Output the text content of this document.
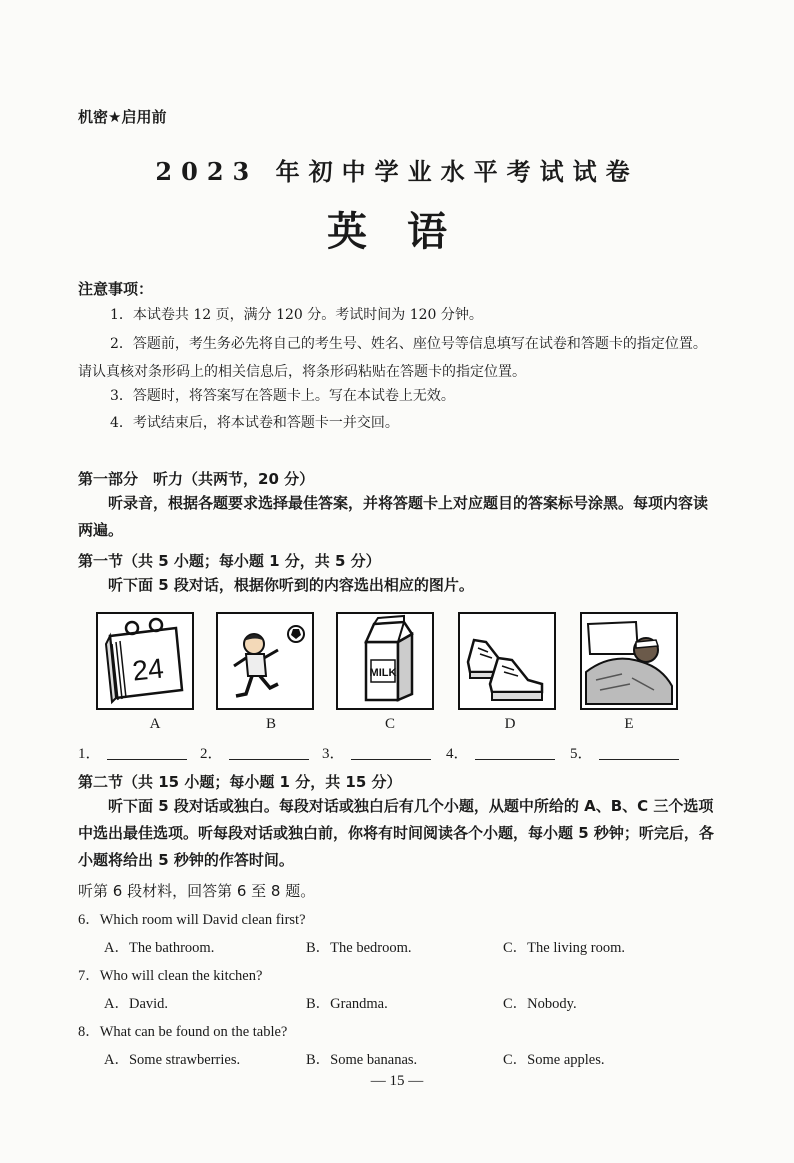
机密★启用前
2023 年初中学业水平考试试卷
英语
注意事项：
1．本试卷共 12 页，满分 120 分。考试时间为 120 分钟。
2．答题前，考生务必先将自己的考生号、姓名、座位号等信息填写在试卷和答题卡的指定位置。请认真核对条形码上的相关信息后，将条形码粘贴在答题卡的指定位置。
3．答题时，将答案写在答题卡上。写在本试卷上无效。
4．考试结束后，将本试卷和答题卡一并交回。
第一部分　听力（共两节，20 分）
听录音，根据各题要求选择最佳答案，并将答题卡上对应题目的答案标号涂黑。每项内容读两遍。
第一节（共 5 小题；每小题 1 分，共 5 分）
听下面 5 段对话，根据你听到的内容选出相应的图片。
24	MILK
A	B	C	D	E
1．	2．	3．	4．	5．
第二节（共 15 小题；每小题 1 分，共 15 分）
听下面 5 段对话或独白。每段对话或独白后有几个小题，从题中所给的 A、B、C 三个选项中选出最佳选项。听每段对话或独白前，你将有时间阅读各个小题，每小题 5 秒钟；听完后，各小题将给出 5 秒钟的作答时间。
听第 6 段材料，回答第 6 至 8 题。
6．Which room will David clean first?
A．The bathroom.	B．The bedroom.	C．The living room.
7．Who will clean the kitchen?
A．David.	B．Grandma.	C．Nobody.
8．What can be found on the table?
A．Some strawberries.	B．Some bananas.	C．Some apples.
— 15 —
